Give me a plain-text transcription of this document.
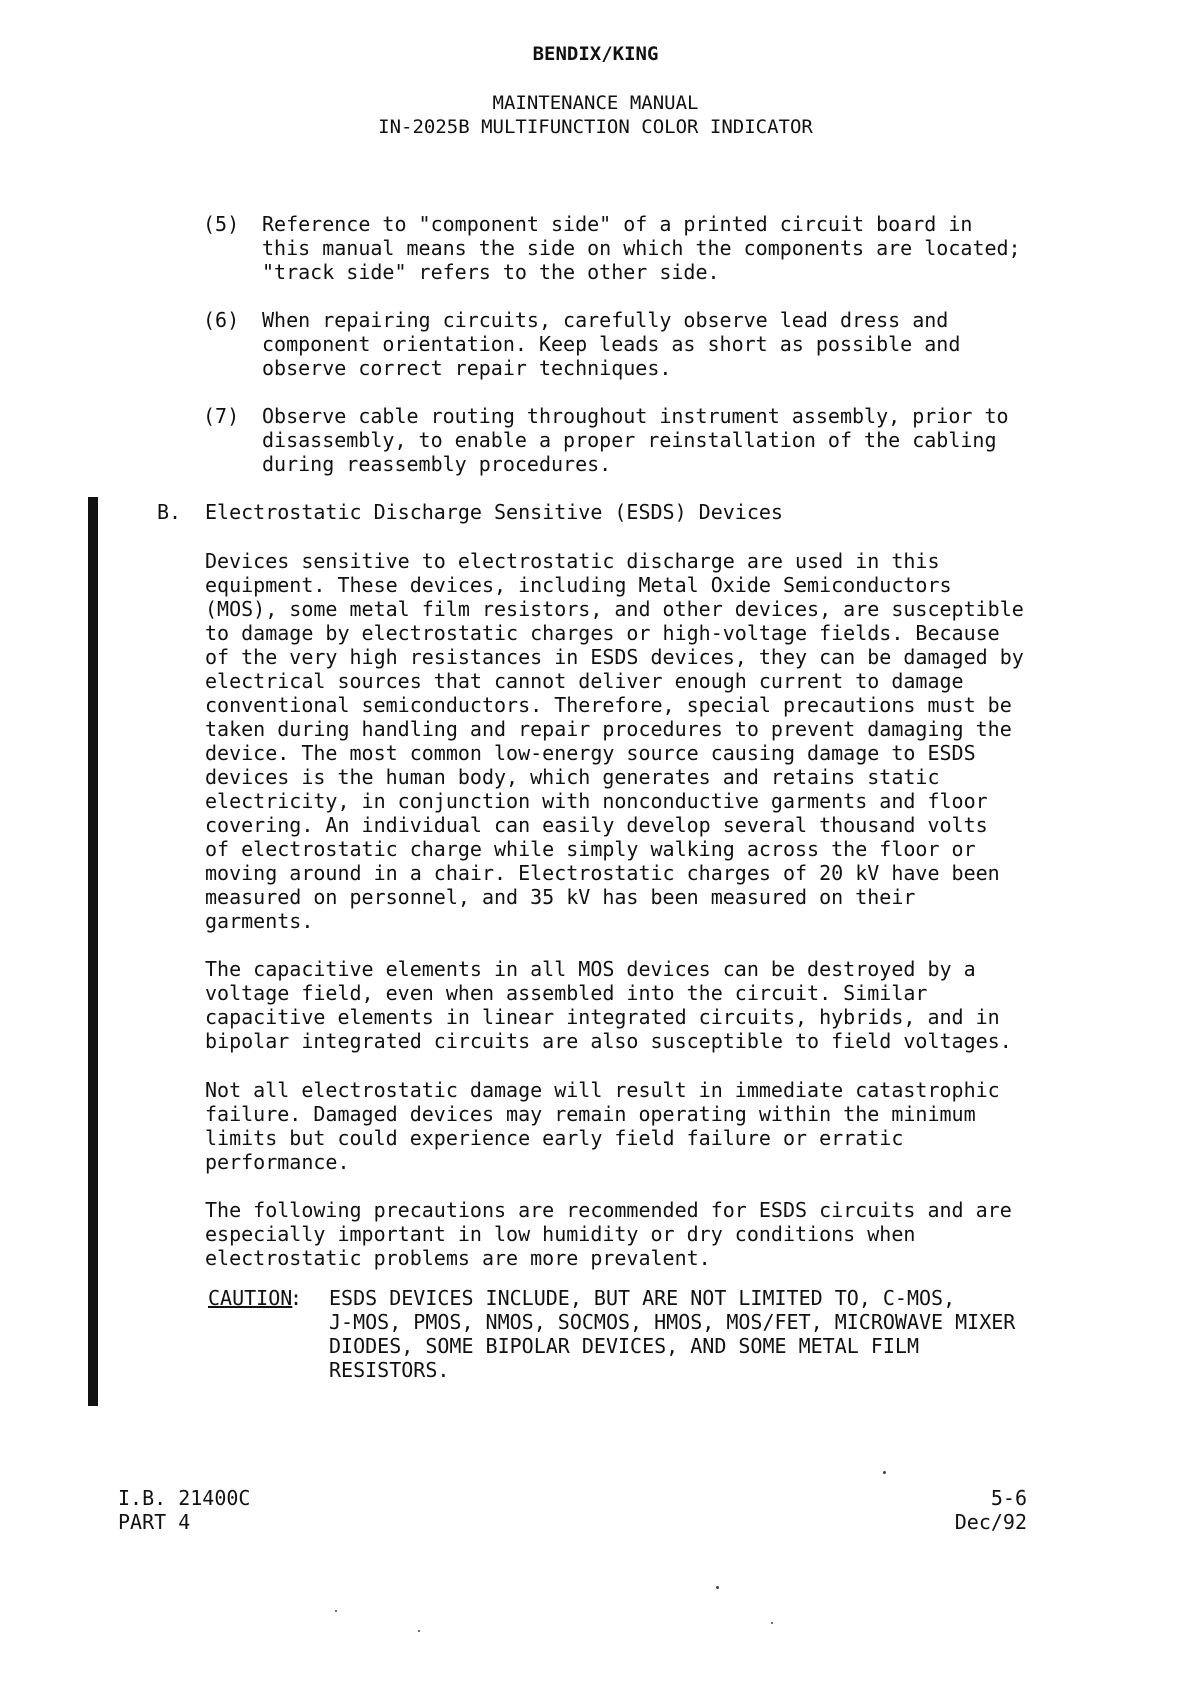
BENDIX/KING
MAINTENANCE MANUAL
IN-2025B MULTIFUNCTION COLOR INDICATOR
(5)	Reference to "component side" of a printed circuit board in
this manual means the side on which the components are located;
"track side" refers to the other side.
(6)	When repairing circuits, carefully observe lead dress and
component orientation. Keep leads as short as possible and
observe correct repair techniques.
(7)	Observe cable routing throughout instrument assembly, prior to
disassembly, to enable a proper reinstallation of the cabling
during reassembly procedures.
B. Electrostatic Discharge Sensitive (ESDS) Devices
Devices sensitive to electrostatic discharge are used in this
equipment. These devices, including Metal Oxide Semiconductors
(MOS), some metal film resistors, and other devices, are susceptible
to damage by electrostatic charges or high-voltage fields. Because
of the very high resistances in ESDS devices, they can be damaged by
electrical sources that cannot deliver enough current to damage
conventional semiconductors. Therefore, special precautions must be
taken during handling and repair procedures to prevent damaging the
device. The most common low-energy source causing damage to ESDS
devices is the human body, which generates and retains static
electricity, in conjunction with nonconductive garments and floor
covering. An individual can easily develop several thousand volts
of electrostatic charge while simply walking across the floor or
moving around in a chair. Electrostatic charges of 20 kV have been
measured on personnel, and 35 kV has been measured on their
garments.
The capacitive elements in all MOS devices can be destroyed by a
voltage field, even when assembled into the circuit. Similar
capacitive elements in linear integrated circuits, hybrids, and in
bipolar integrated circuits are also susceptible to field voltages.
Not all electrostatic damage will result in immediate catastrophic
failure. Damaged devices may remain operating within the minimum
limits but could experience early field failure or erratic
performance.
The following precautions are recommended for ESDS circuits and are
especially important in low humidity or dry conditions when
electrostatic problems are more prevalent.
CAUTION
: ESDS DEVICES INCLUDE, BUT ARE NOT LIMITED TO, C-MOS,
J-MOS, PMOS, NMOS, SOCMOS, HMOS, MOS/FET, MICROWAVE MIXER
DIODES, SOME BIPOLAR DEVICES, AND SOME METAL FILM
RESISTORS.
I.B. 21400C
PART 4
5-6
Dec/92
